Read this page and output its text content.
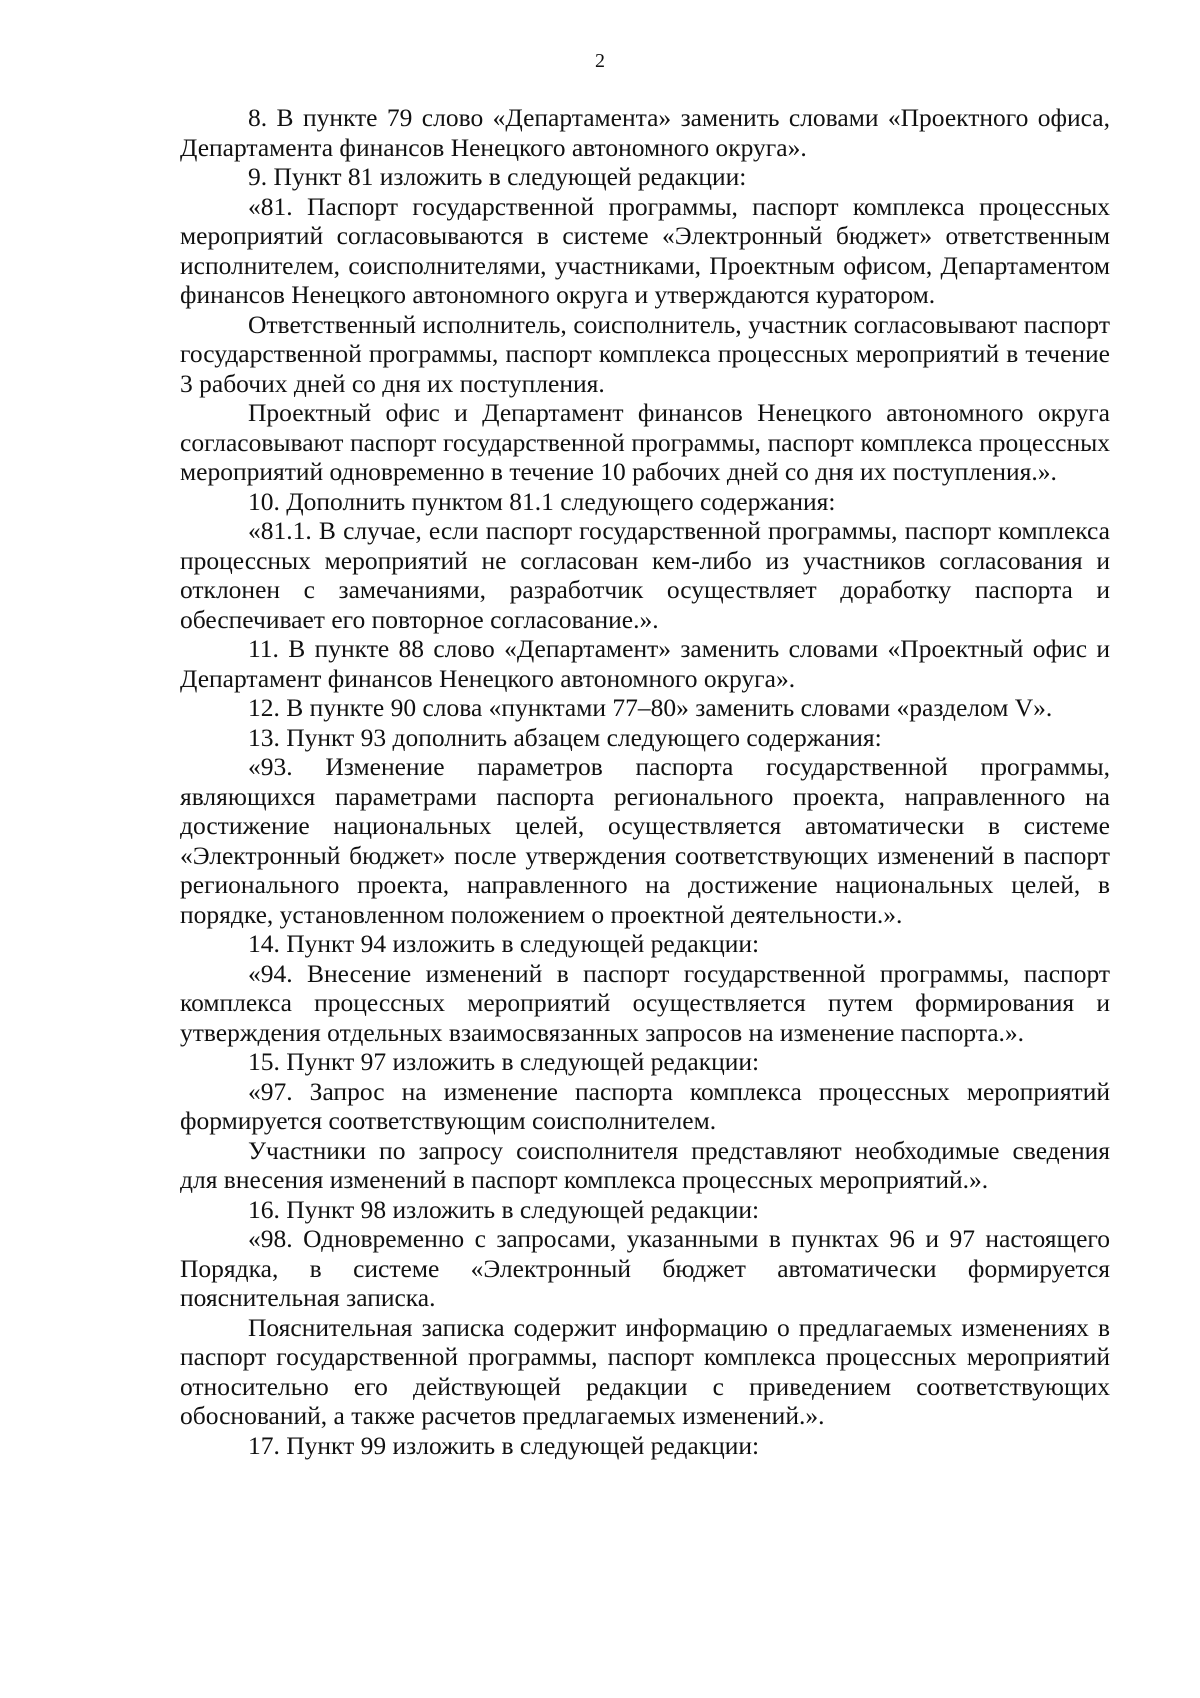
2

8. В пункте 79 слово «Департамента» заменить словами «Проектного офиса, Департамента финансов Ненецкого автономного округа».

9. Пункт 81 изложить в следующей редакции:

«81. Паспорт государственной программы, паспорт комплекса процессных мероприятий согласовываются в системе «Электронный бюджет» ответственным исполнителем, соисполнителями, участниками, Проектным офисом, Департаментом финансов Ненецкого автономного округа и утверждаются куратором.

Ответственный исполнитель, соисполнитель, участник согласовывают паспорт государственной программы, паспорт комплекса процессных мероприятий в течение 3 рабочих дней со дня их поступления.

Проектный офис и Департамент финансов Ненецкого автономного округа согласовывают паспорт государственной программы, паспорт комплекса процессных мероприятий одновременно в течение 10 рабочих дней со дня их поступления.».

10. Дополнить пунктом 81.1 следующего содержания:

«81.1. В случае, если паспорт государственной программы, паспорт комплекса процессных мероприятий не согласован кем-либо из участников согласования и отклонен с замечаниями, разработчик осуществляет доработку паспорта и обеспечивает его повторное согласование.».

11. В пункте 88 слово «Департамент» заменить словами «Проектный офис и Департамент финансов Ненецкого автономного округа».

12. В пункте 90 слова «пунктами 77–80» заменить словами «разделом V».

13. Пункт 93 дополнить абзацем следующего содержания:

«93. Изменение параметров паспорта государственной программы, являющихся параметрами паспорта регионального проекта, направленного на достижение национальных целей, осуществляется автоматически в системе «Электронный бюджет» после утверждения соответствующих изменений в паспорт регионального проекта, направленного на достижение национальных целей, в порядке, установленном положением о проектной деятельности.».

14. Пункт 94 изложить в следующей редакции:

«94. Внесение изменений в паспорт государственной программы, паспорт комплекса процессных мероприятий осуществляется путем формирования и утверждения отдельных взаимосвязанных запросов на изменение паспорта.».

15. Пункт 97 изложить в следующей редакции:

«97. Запрос на изменение паспорта комплекса процессных мероприятий формируется соответствующим соисполнителем.

Участники по запросу соисполнителя представляют необходимые сведения для внесения изменений в паспорт комплекса процессных мероприятий.».

16. Пункт 98 изложить в следующей редакции:

«98. Одновременно с запросами, указанными в пунктах 96 и 97 настоящего Порядка, в системе «Электронный бюджет автоматически формируется пояснительная записка.

Пояснительная записка содержит информацию о предлагаемых изменениях в паспорт государственной программы, паспорт комплекса процессных мероприятий относительно его действующей редакции с приведением соответствующих обоснований, а также расчетов предлагаемых изменений.».

17. Пункт 99 изложить в следующей редакции:
